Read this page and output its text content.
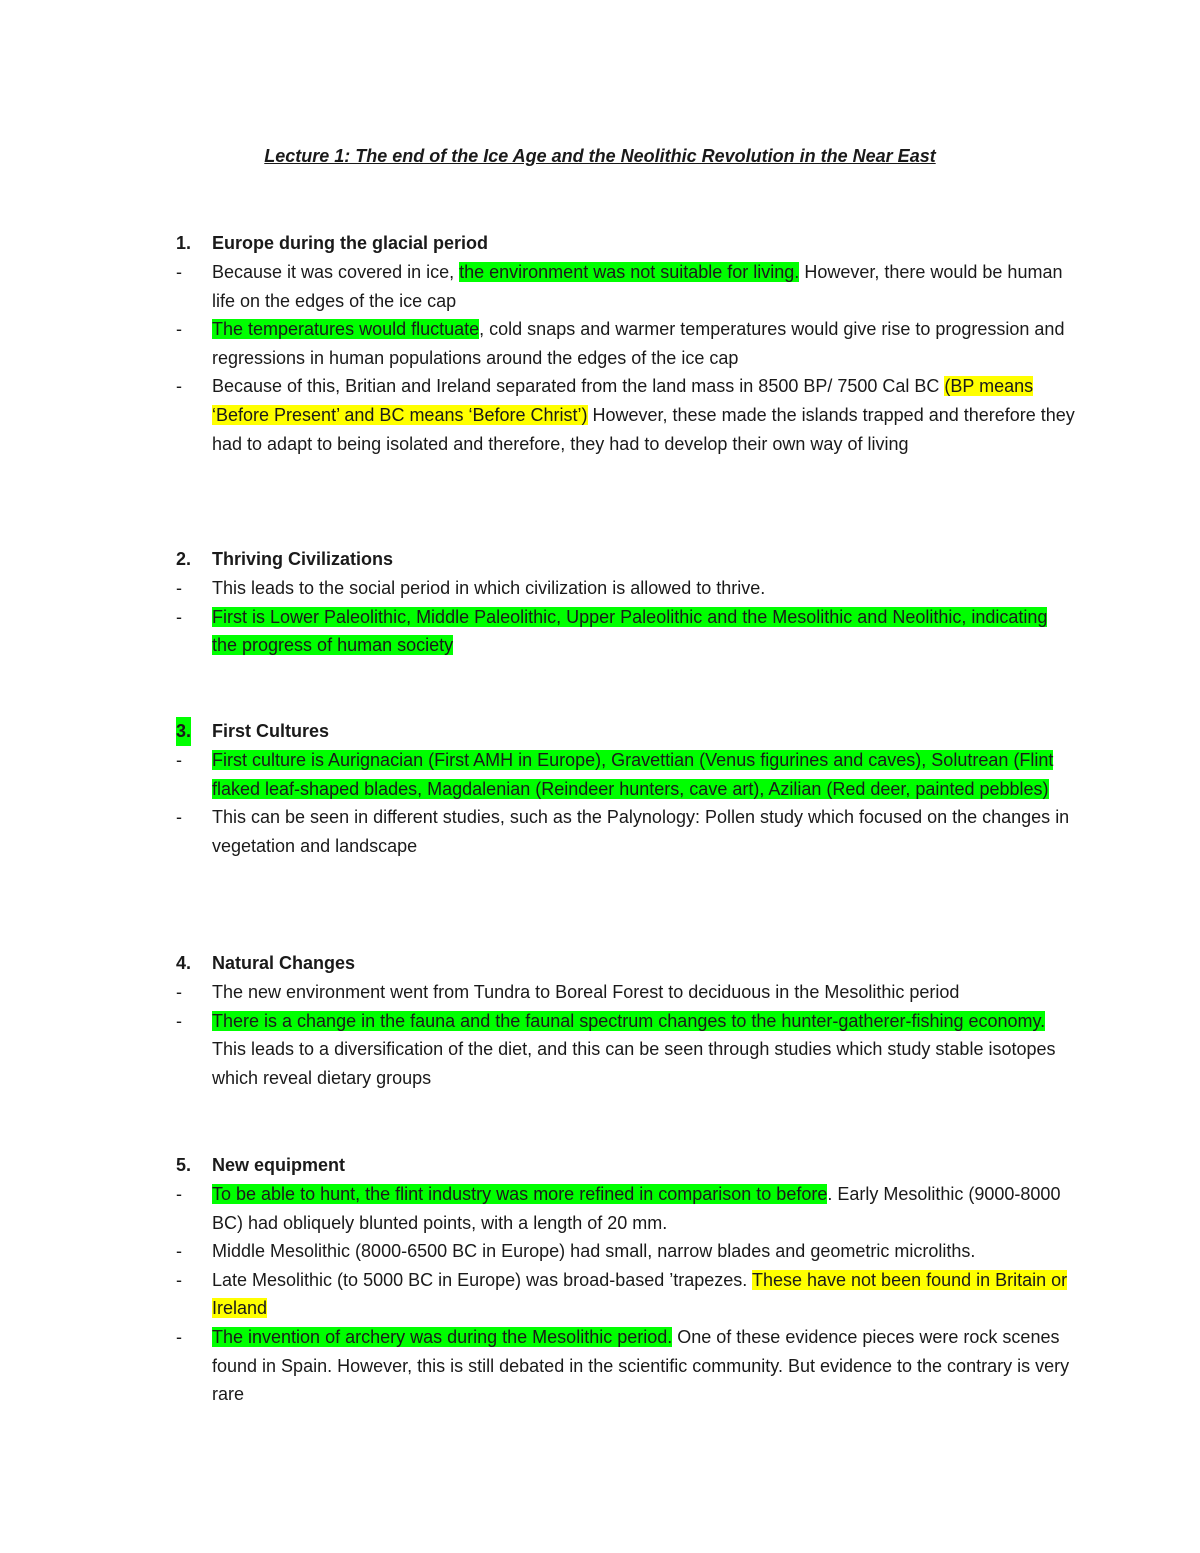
Lecture 1: The end of the Ice Age and the Neolithic Revolution in the Near East
1. Europe during the glacial period
-	Because it was covered in ice, the environment was not suitable for living. However, there would be human life on the edges of the ice cap
-	The temperatures would fluctuate, cold snaps and warmer temperatures would give rise to progression and regressions in human populations around the edges of the ice cap
-	Because of this, Britian and Ireland separated from the land mass in 8500 BP/ 7500 Cal BC (BP means ‘Before Present’ and BC means ‘Before Christ’) However, these made the islands trapped and therefore they had to adapt to being isolated and therefore, they had to develop their own way of living
2. Thriving Civilizations
-	This leads to the social period in which civilization is allowed to thrive.
-	First is Lower Paleolithic, Middle Paleolithic, Upper Paleolithic and the Mesolithic and Neolithic, indicating the progress of human society
3. First Cultures
-	First culture is Aurignacian (First AMH in Europe), Gravettian (Venus figurines and caves), Solutrean (Flint flaked leaf-shaped blades, Magdalenian (Reindeer hunters, cave art), Azilian (Red deer, painted pebbles)
-	This can be seen in different studies, such as the Palynology: Pollen study which focused on the changes in vegetation and landscape
4. Natural Changes
-	The new environment went from Tundra to Boreal Forest to deciduous in the Mesolithic period
-	There is a change in the fauna and the faunal spectrum changes to the hunter-gatherer-fishing economy. This leads to a diversification of the diet, and this can be seen through studies which study stable isotopes which reveal dietary groups
5. New equipment
-	To be able to hunt, the flint industry was more refined in comparison to before. Early Mesolithic (9000-8000 BC) had obliquely blunted points, with a length of 20 mm.
-	Middle Mesolithic (8000-6500 BC in Europe) had small, narrow blades and geometric microliths.
-	Late Mesolithic (to 5000 BC in Europe) was broad-based ’trapezes. These have not been found in Britain or Ireland
-	The invention of archery was during the Mesolithic period. One of these evidence pieces were rock scenes found in Spain. However, this is still debated in the scientific community. But evidence to the contrary is very rare
